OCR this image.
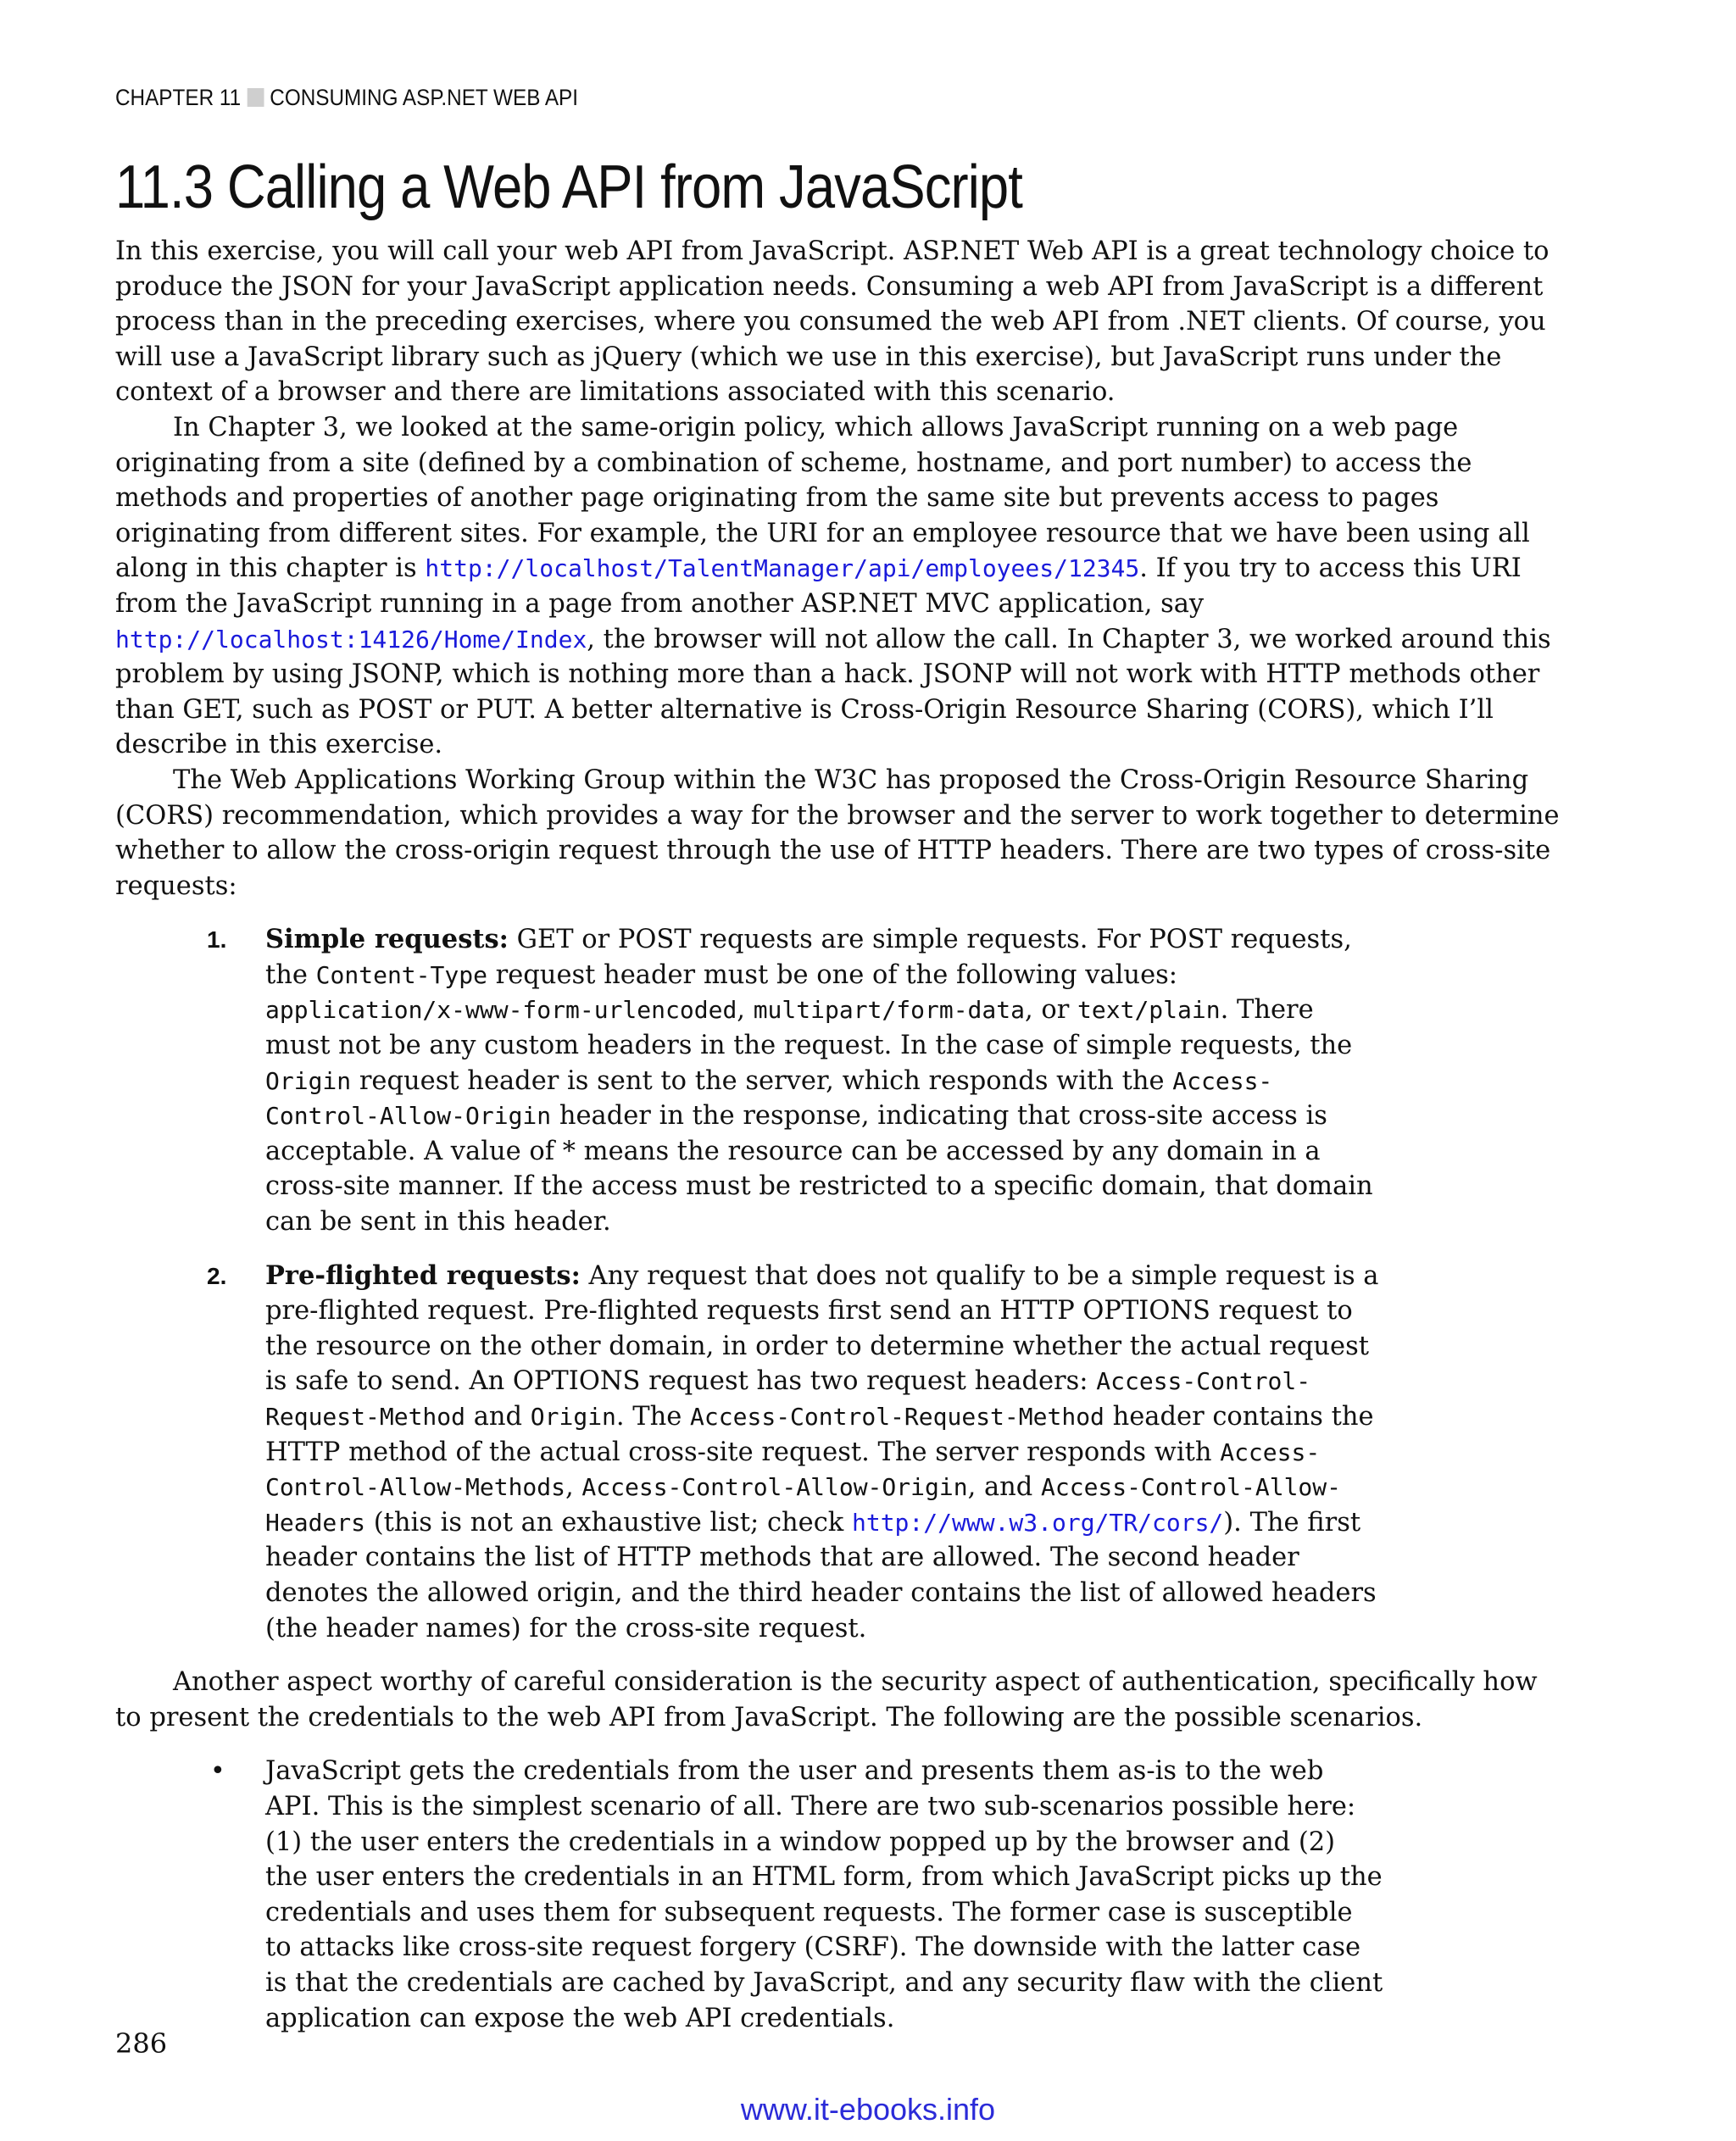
CHAPTER 11 CONSUMING ASP.NET WEB API
11.3 Calling a Web API from JavaScript

In this exercise, you will call your web API from JavaScript. ASP.NET Web API is a great technology choice to produce the JSON for your JavaScript application needs. Consuming a web API from JavaScript is a different process than in the preceding exercises, where you consumed the web API from .NET clients. Of course, you will use a JavaScript library such as jQuery (which we use in this exercise), but JavaScript runs under the context of a browser and there are limitations associated with this scenario.

In Chapter 3, we looked at the same-origin policy, which allows JavaScript running on a web page originating from a site (defined by a combination of scheme, hostname, and port number) to access the methods and properties of another page originating from the same site but prevents access to pages originating from different sites. For example, the URI for an employee resource that we have been using all along in this chapter is http://localhost/TalentManager/api/employees/12345. If you try to access this URI from the JavaScript running in a page from another ASP.NET MVC application, say http://localhost:14126/Home/Index, the browser will not allow the call. In Chapter 3, we worked around this problem by using JSONP, which is nothing more than a hack. JSONP will not work with HTTP methods other than GET, such as POST or PUT. A better alternative is Cross-Origin Resource Sharing (CORS), which I’ll describe in this exercise.

The Web Applications Working Group within the W3C has proposed the Cross-Origin Resource Sharing (CORS) recommendation, which provides a way for the browser and the server to work together to determine whether to allow the cross-origin request through the use of HTTP headers. There are two types of cross-site requests:

1. Simple requests: GET or POST requests are simple requests. For POST requests, the Content-Type request header must be one of the following values: application/x-www-form-urlencoded, multipart/form-data, or text/plain. There must not be any custom headers in the request. In the case of simple requests, the Origin request header is sent to the server, which responds with the Access-Control-Allow-Origin header in the response, indicating that cross-site access is acceptable. A value of * means the resource can be accessed by any domain in a cross-site manner. If the access must be restricted to a specific domain, that domain can be sent in this header.
2. Pre-flighted requests: Any request that does not qualify to be a simple request is a pre-flighted request. Pre-flighted requests first send an HTTP OPTIONS request to the resource on the other domain, in order to determine whether the actual request is safe to send. An OPTIONS request has two request headers: Access-Control-Request-Method and Origin. The Access-Control-Request-Method header contains the HTTP method of the actual cross-site request. The server responds with Access-Control-Allow-Methods, Access-Control-Allow-Origin, and Access-Control-Allow-Headers (this is not an exhaustive list; check http://www.w3.org/TR/cors/). The first header contains the list of HTTP methods that are allowed. The second header denotes the allowed origin, and the third header contains the list of allowed headers (the header names) for the cross-site request.

Another aspect worthy of careful consideration is the security aspect of authentication, specifically how to present the credentials to the web API from JavaScript. The following are the possible scenarios.

• JavaScript gets the credentials from the user and presents them as-is to the web API. This is the simplest scenario of all. There are two sub-scenarios possible here: (1) the user enters the credentials in a window popped up by the browser and (2) the user enters the credentials in an HTML form, from which JavaScript picks up the credentials and uses them for subsequent requests. The former case is susceptible to attacks like cross-site request forgery (CSRF). The downside with the latter case is that the credentials are cached by JavaScript, and any security flaw with the client application can expose the web API credentials.
286
www.it-ebooks.info
